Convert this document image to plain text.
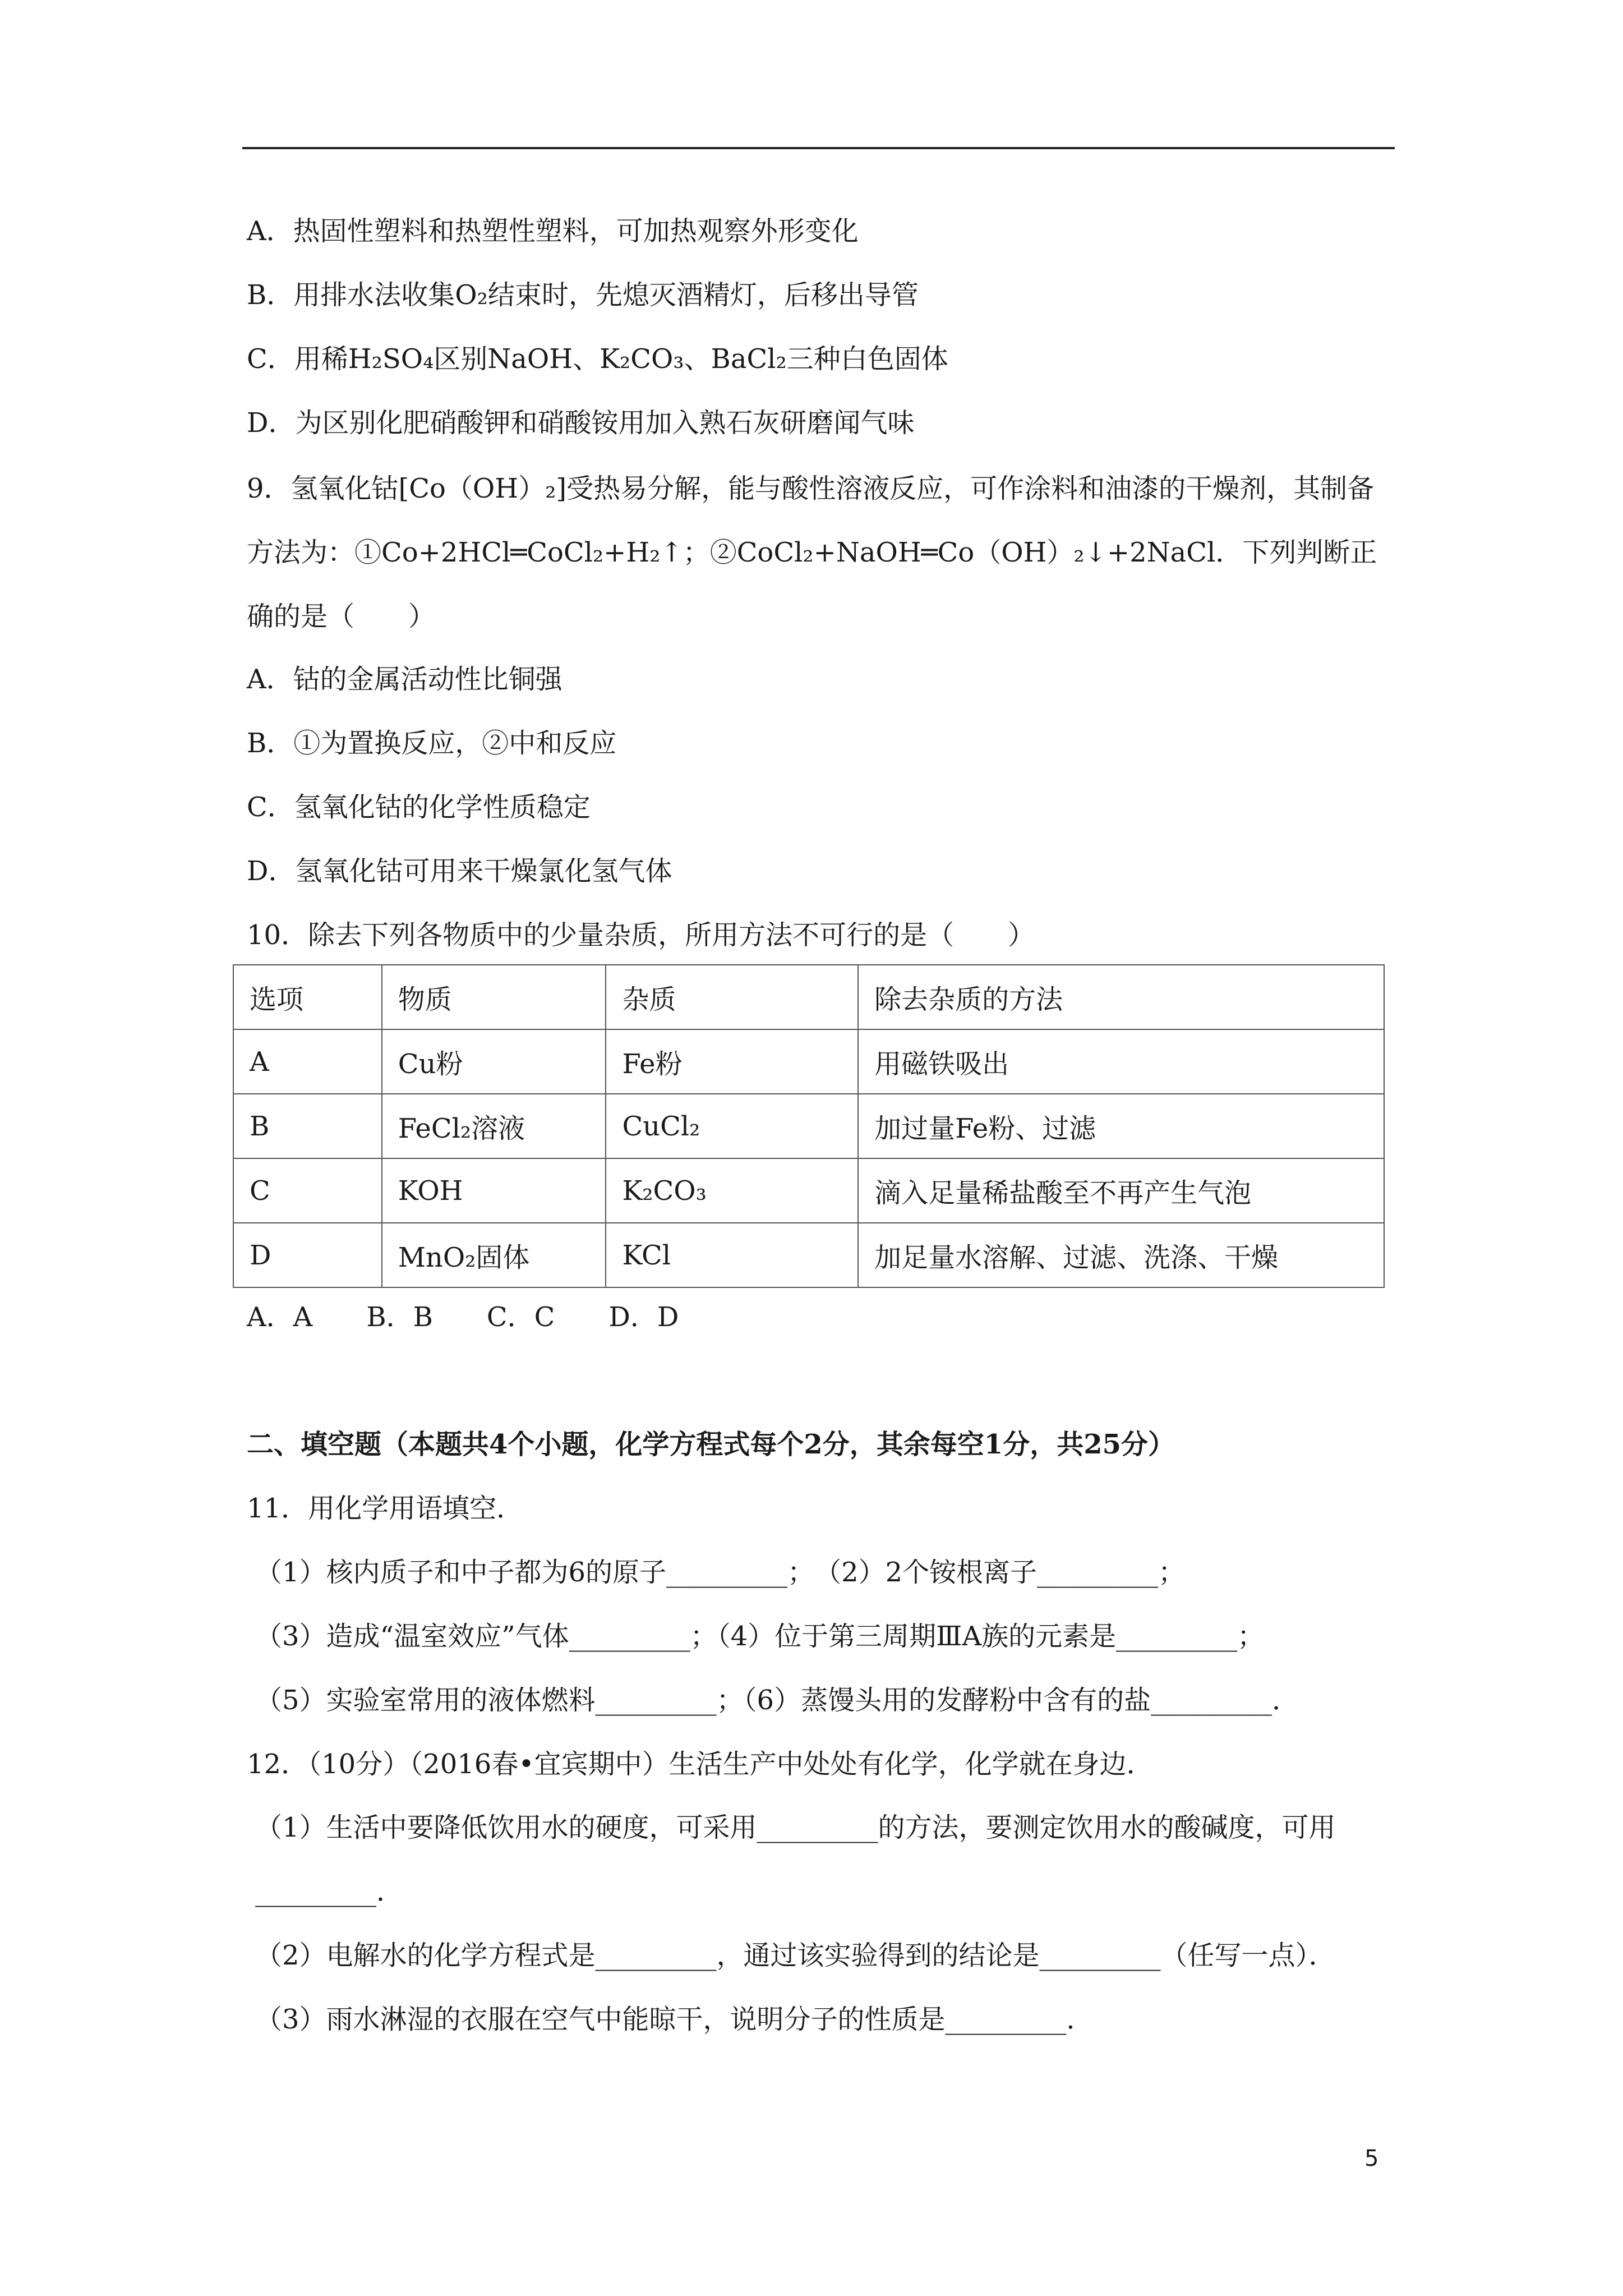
A．热固性塑料和热塑性塑料，可加热观察外形变化
B．用排水法收集O₂结束时，先熄灭酒精灯，后移出导管
C．用稀H₂SO₄区别NaOH、K₂CO₃、BaCl₂三种白色固体
D．为区别化肥硝酸钾和硝酸铵用加入熟石灰研磨闻气味
9．氢氧化钴[Co（OH）₂]受热易分解，能与酸性溶液反应，可作涂料和油漆的干燥剂，其制备方法为：①Co+2HCl═CoCl₂+H₂↑；②CoCl₂+NaOH═Co（OH）₂↓+2NaCl．下列判断正确的是（　　）
A．钴的金属活动性比铜强
B．①为置换反应，②中和反应
C．氢氧化钴的化学性质稳定
D．氢氧化钴可用来干燥氯化氢气体
10．除去下列各物质中的少量杂质，所用方法不可行的是（　　）
选项	物质	杂质	除去杂质的方法
A	Cu粉	Fe粉	用磁铁吸出
B	FeCl₂溶液	CuCl₂	加过量Fe粉、过滤
C	KOH	K₂CO₃	滴入足量稀盐酸至不再产生气泡
D	MnO₂固体	KCl	加足量水溶解、过滤、洗涤、干燥
A．A　　B．B　　C．C　　D．D
二、填空题（本题共4个小题，化学方程式每个2分，其余每空1分，共25分）
11．用化学用语填空．
（1）核内质子和中子都为6的原子_________；　（2）2个铵根离子_________；
（3）造成“温室效应”气体_________；（4）位于第三周期ⅢA族的元素是_________；
（5）实验室常用的液体燃料_________；（6）蒸馒头用的发酵粉中含有的盐_________．
12．（10分）（2016春•宜宾期中）生活生产中处处有化学，化学就在身边．
（1）生活中要降低饮用水的硬度，可采用_________的方法，要测定饮用水的酸碱度，可用_________．
（2）电解水的化学方程式是_________，通过该实验得到的结论是_________（任写一点）．
（3）雨水淋湿的衣服在空气中能晾干，说明分子的性质是_________．
5
